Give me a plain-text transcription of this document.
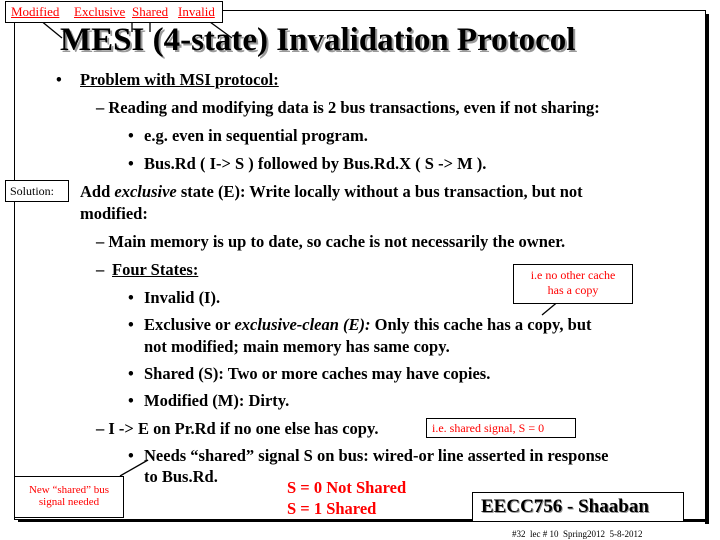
Modified Exclusive Shared Invalid
MESI (4-state) Invalidation Protocol
• Problem with MSI protocol:
– Reading and modifying data is 2 bus transactions, even if not sharing:
• e.g. even in sequential program.
• Bus.Rd ( I-> S ) followed by Bus.Rd.X ( S -> M ).
Solution: Add exclusive state (E): Write locally without a bus transaction, but not
modified:
– Main memory is up to date, so cache is not necessarily the owner.
– Four States:	i.e no other cache
has a copy
• Invalid (I).
• Exclusive or exclusive-clean (E): Only this cache has a copy, but
not modified; main memory has same copy.
• Shared (S): Two or more caches may have copies.
• Modified (M): Dirty.
– I -> E on Pr.Rd if no one else has copy.	i.e. shared signal, S = 0
• Needs “shared” signal S on bus: wired-or line asserted in response
to Bus.Rd.
S = 0 Not Shared
S = 1 Shared
New “shared” bus
signal needed	EECC756 - Shaaban
#32 lec # 10 Spring2012 5-8-2012
